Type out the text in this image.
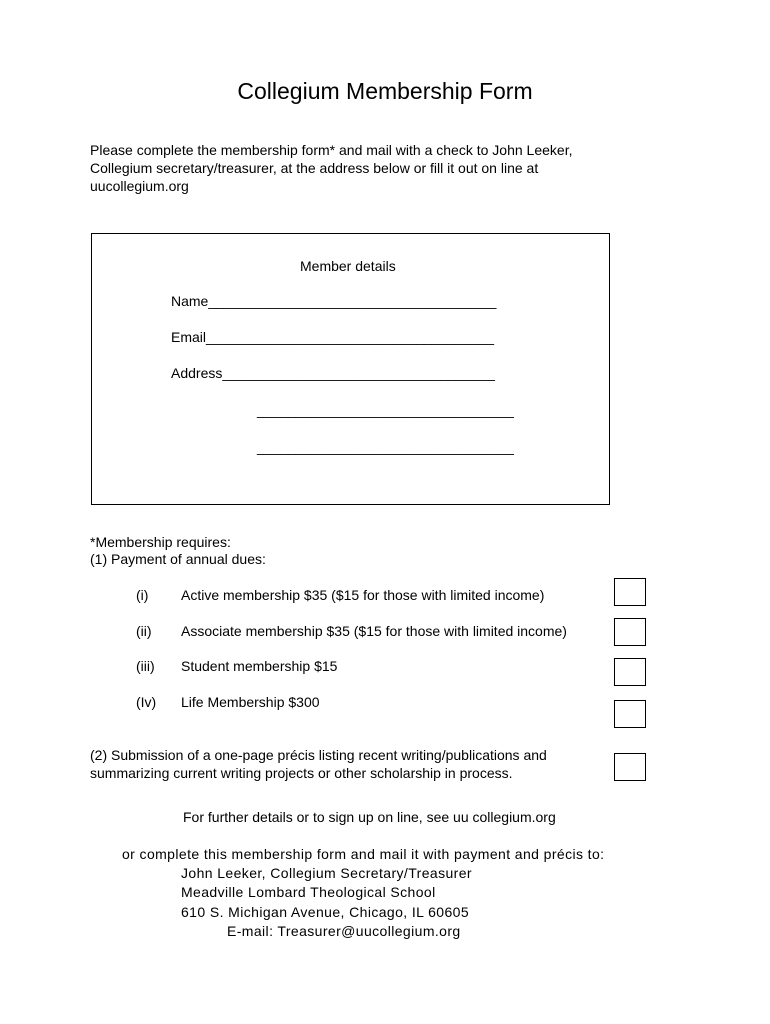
Collegium Membership Form
Please complete the membership form* and mail with a check to John Leeker,
Collegium secretary/treasurer, at the address below or fill it out on line at
uucollegium.org
Member details
Name_____________________________________
Email_____________________________________
Address___________________________________
_________________________________
_________________________________
*Membership requires:
(1) Payment of annual dues:
(i) Active membership $35 ($15 for those with limited income)
(ii) Associate membership $35 ($15 for those with limited income)
(iii) Student membership $15
(Iv) Life Membership $300
(2) Submission of a one-page précis listing recent writing/publications and
summarizing current writing projects or other scholarship in process.
For further details or to sign up on line, see uu collegium.org
or complete this membership form and mail it with payment and précis to:
John Leeker, Collegium Secretary/Treasurer
Meadville Lombard Theological School
610 S. Michigan Avenue, Chicago, IL 60605
E-mail: Treasurer@uucollegium.org
